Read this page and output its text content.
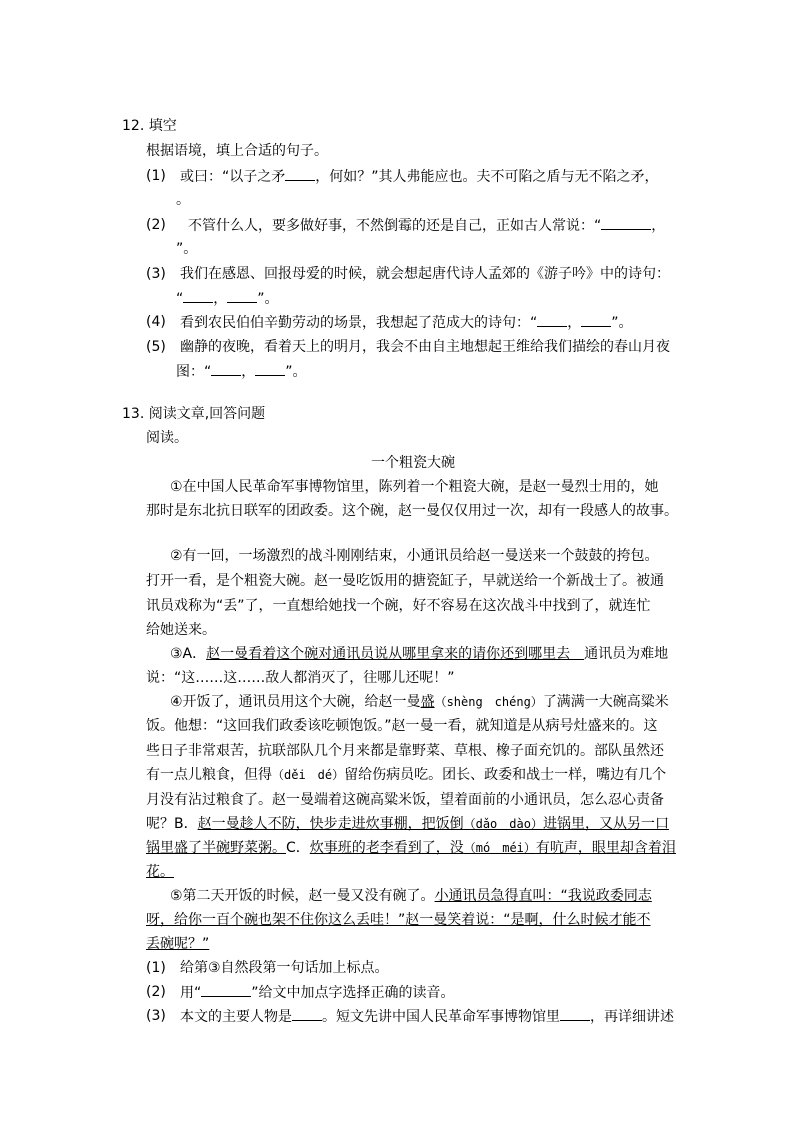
12. 填空
根据语境，填上合适的句子。
(1) 或曰：“以子之矛 ，何如？”其人弗能应也。夫不可陷之盾与无不陷之矛，
。
(2) 不管什么人，要多做好事，不然倒霉的还是自己，正如古人常说：“	，
”。
(3) 我们在感恩、回报母爱的时候，就会想起唐代诗人孟郊的《游子吟》中的诗句：
“ ， ”。
(4) 看到农民伯伯辛勤劳动的场景，我想起了范成大的诗句：“ ， ”。
(5) 幽静的夜晚，看着天上的明月，我会不由自主地想起王维给我们描绘的春山月夜
图：“ ， ”。
13. 阅读文章,回答问题
阅读。
一个粗瓷大碗
①在中国人民革命军事博物馆里，陈列着一个粗瓷大碗，是赵一曼烈士用的，她
那时是东北抗日联军的团政委。这个碗，赵一曼仅仅用过一次，却有一段感人的故事。
②有一回，一场激烈的战斗刚刚结束，小通讯员给赵一曼送来一个鼓鼓的挎包。
打开一看，是个粗瓷大碗。赵一曼吃饭用的搪瓷缸子，早就送给一个新战士了。被通
讯员戏称为“丢”了，一直想给她找一个碗，好不容易在这次战斗中找到了，就连忙
给她送来。
③A．赵一曼看着这个碗对通讯员说从哪里拿来的请你还到哪里去　通讯员为难地
说：“这……这……敌人都消灭了，往哪儿还呢！”
④开饭了，通讯员用这个大碗，给赵一曼盛（shèng　chéng）了满满一大碗高粱米
饭。他想：“这回我们政委该吃顿饱饭。”赵一曼一看，就知道是从病号灶盛来的。这
些日子非常艰苦，抗联部队几个月来都是靠野菜、草根、橡子面充饥的。部队虽然还
有一点儿粮食，但得（děi　dé）留给伤病员吃。团长、政委和战士一样，嘴边有几个
月没有沾过粮食了。赵一曼端着这碗高粱米饭，望着面前的小通讯员，怎么忍心责备
呢？B．赵一曼趁人不防，快步走进炊事棚，把饭倒（dǎo　dào）进锅里，又从另一口
锅里盛了半碗野菜粥。C．炊事班的老李看到了，没（mó　méi）有吭声，眼里却含着泪
花。
⑤第二天开饭的时候，赵一曼又没有碗了。小通讯员急得直叫：“我说政委同志
呀，给你一百个碗也架不住你这么丢哇！”赵一曼笑着说：“是啊，什么时候才能不
丢碗呢？”
(1) 给第③自然段第一句话加上标点。
(2) 用“	”给文中加点字选择正确的读音。
(3) 本文的主要人物是 。短文先讲中国人民革命军事博物馆里 ，再详细讲述
